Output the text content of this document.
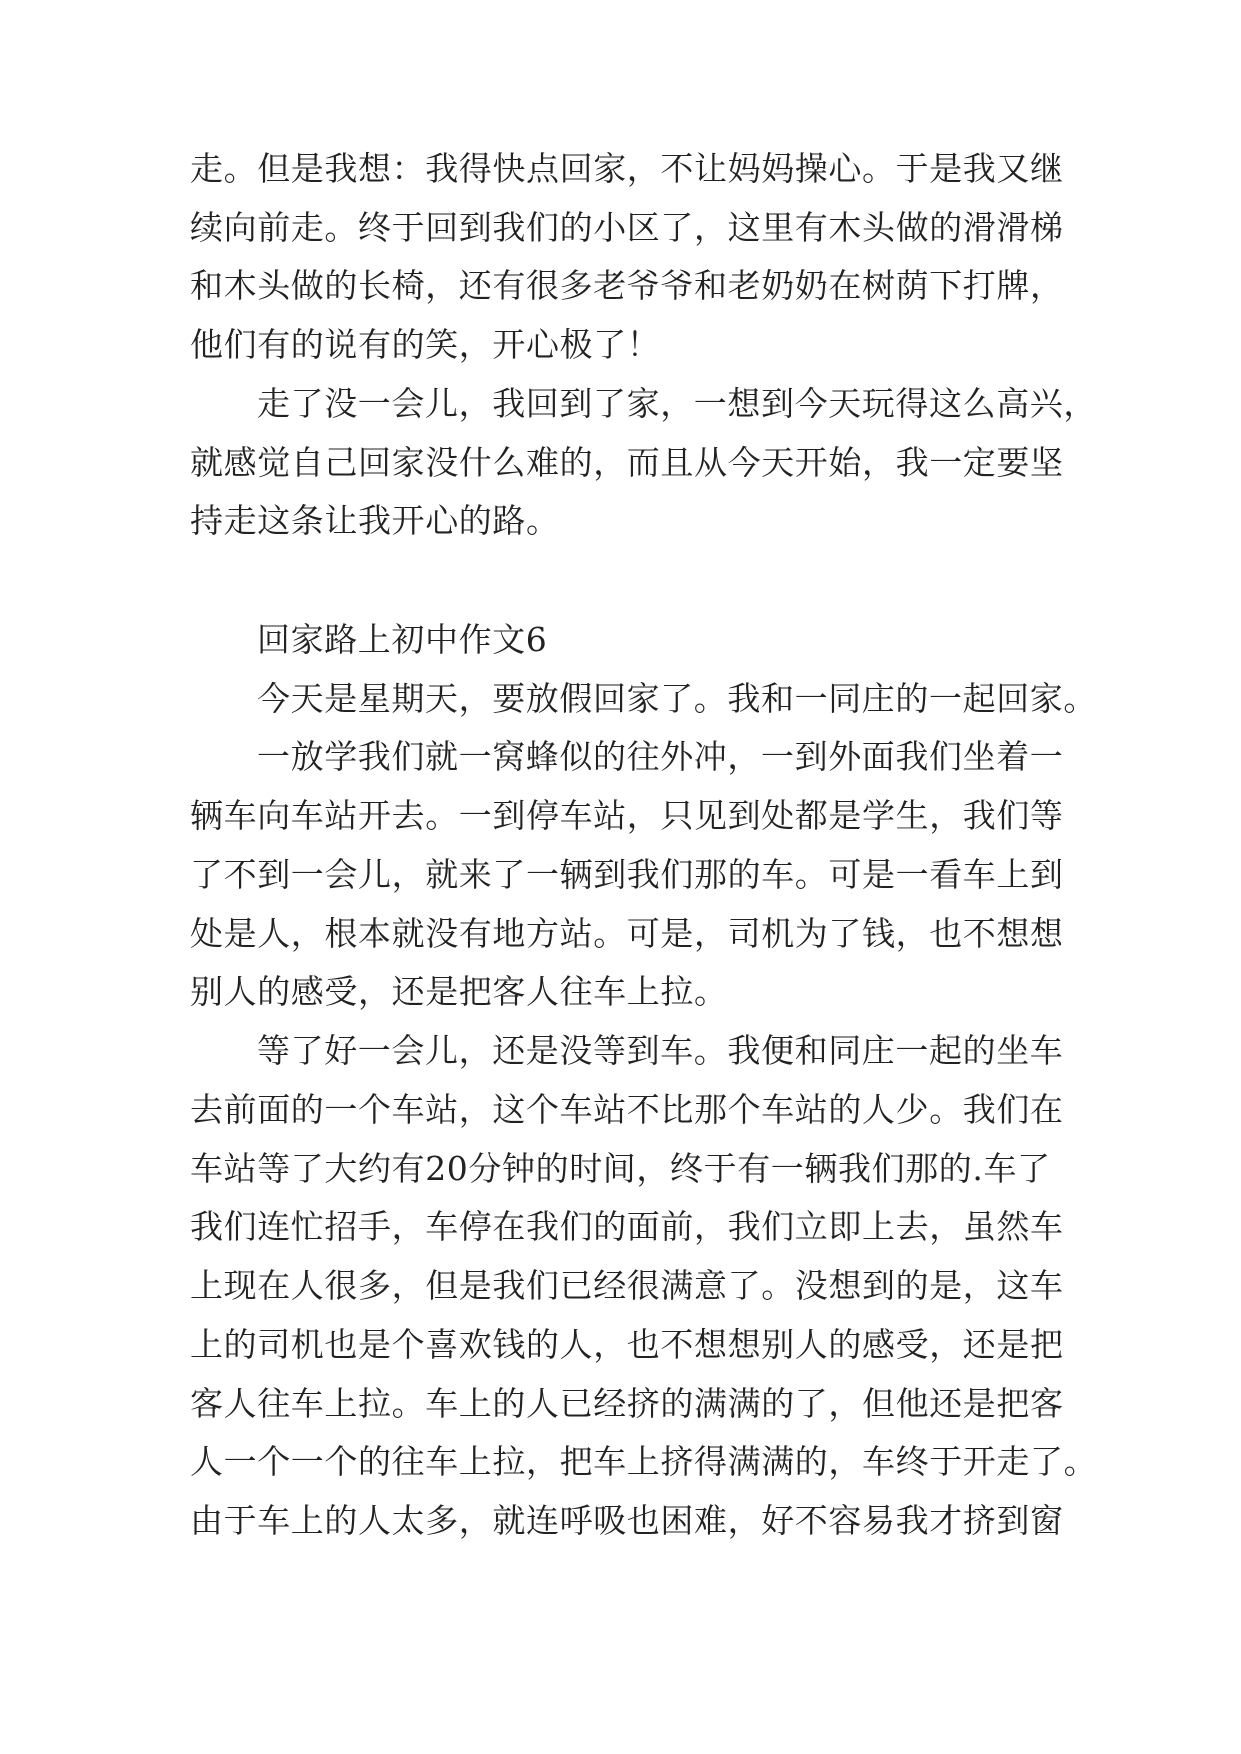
走。但是我想：我得快点回家，不让妈妈操心。于是我又继
续向前走。终于回到我们的小区了，这里有木头做的滑滑梯
和木头做的长椅，还有很多老爷爷和老奶奶在树荫下打牌，
他们有的说有的笑，开心极了！
走了没一会儿，我回到了家，一想到今天玩得这么高兴，
就感觉自己回家没什么难的，而且从今天开始，我一定要坚
持走这条让我开心的路。
回家路上初中作文6
今天是星期天，要放假回家了。我和一同庄的一起回家。
一放学我们就一窝蜂似的往外冲，一到外面我们坐着一
辆车向车站开去。一到停车站，只见到处都是学生，我们等
了不到一会儿，就来了一辆到我们那的车。可是一看车上到
处是人，根本就没有地方站。可是，司机为了钱，也不想想
别人的感受，还是把客人往车上拉。
等了好一会儿，还是没等到车。我便和同庄一起的坐车
去前面的一个车站，这个车站不比那个车站的人少。我们在
车站等了大约有20分钟的时间，终于有一辆我们那的.车了
我们连忙招手，车停在我们的面前，我们立即上去，虽然车
上现在人很多，但是我们已经很满意了。没想到的是，这车
上的司机也是个喜欢钱的人，也不想想别人的感受，还是把
客人往车上拉。车上的人已经挤的满满的了，但他还是把客
人一个一个的往车上拉，把车上挤得满满的，车终于开走了。
由于车上的人太多，就连呼吸也困难，好不容易我才挤到窗
